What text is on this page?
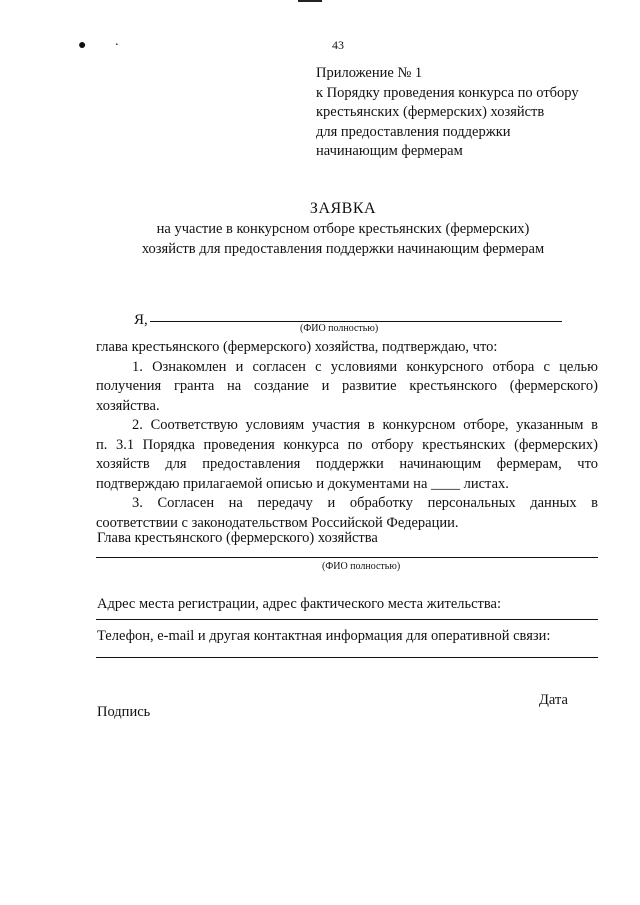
●        ·	43
Приложение № 1
к Порядку проведения конкурса по отбору
крестьянских (фермерских) хозяйств
для предоставления поддержки
начинающим фермерам
ЗАЯВКА
на участие в конкурсном отборе крестьянских (фермерских)
хозяйств для предоставления поддержки начинающим фермерам
Я,
(ФИО полностью)
глава крестьянского (фермерского) хозяйства, подтверждаю, что:
1. Ознакомлен и согласен с условиями конкурсного отбора с целью
получения гранта на создание и развитие крестьянского (фермерского)
хозяйства.
2. Соответствую условиям участия в конкурсном отборе, указанным в
п. 3.1 Порядка проведения конкурса по отбору крестьянских (фермерских)
хозяйств для предоставления поддержки начинающим фермерам, что
подтверждаю прилагаемой описью и документами на ____ листах.
3. Согласен на передачу и обработку персональных данных в
соответствии с законодательством Российской Федерации.
Глава крестьянского (фермерского) хозяйства
(ФИО полностью)
Адрес места регистрации, адрес фактического места жительства:
Телефон, e-mail и другая контактная информация для оперативной связи:
Подпись
Дата
